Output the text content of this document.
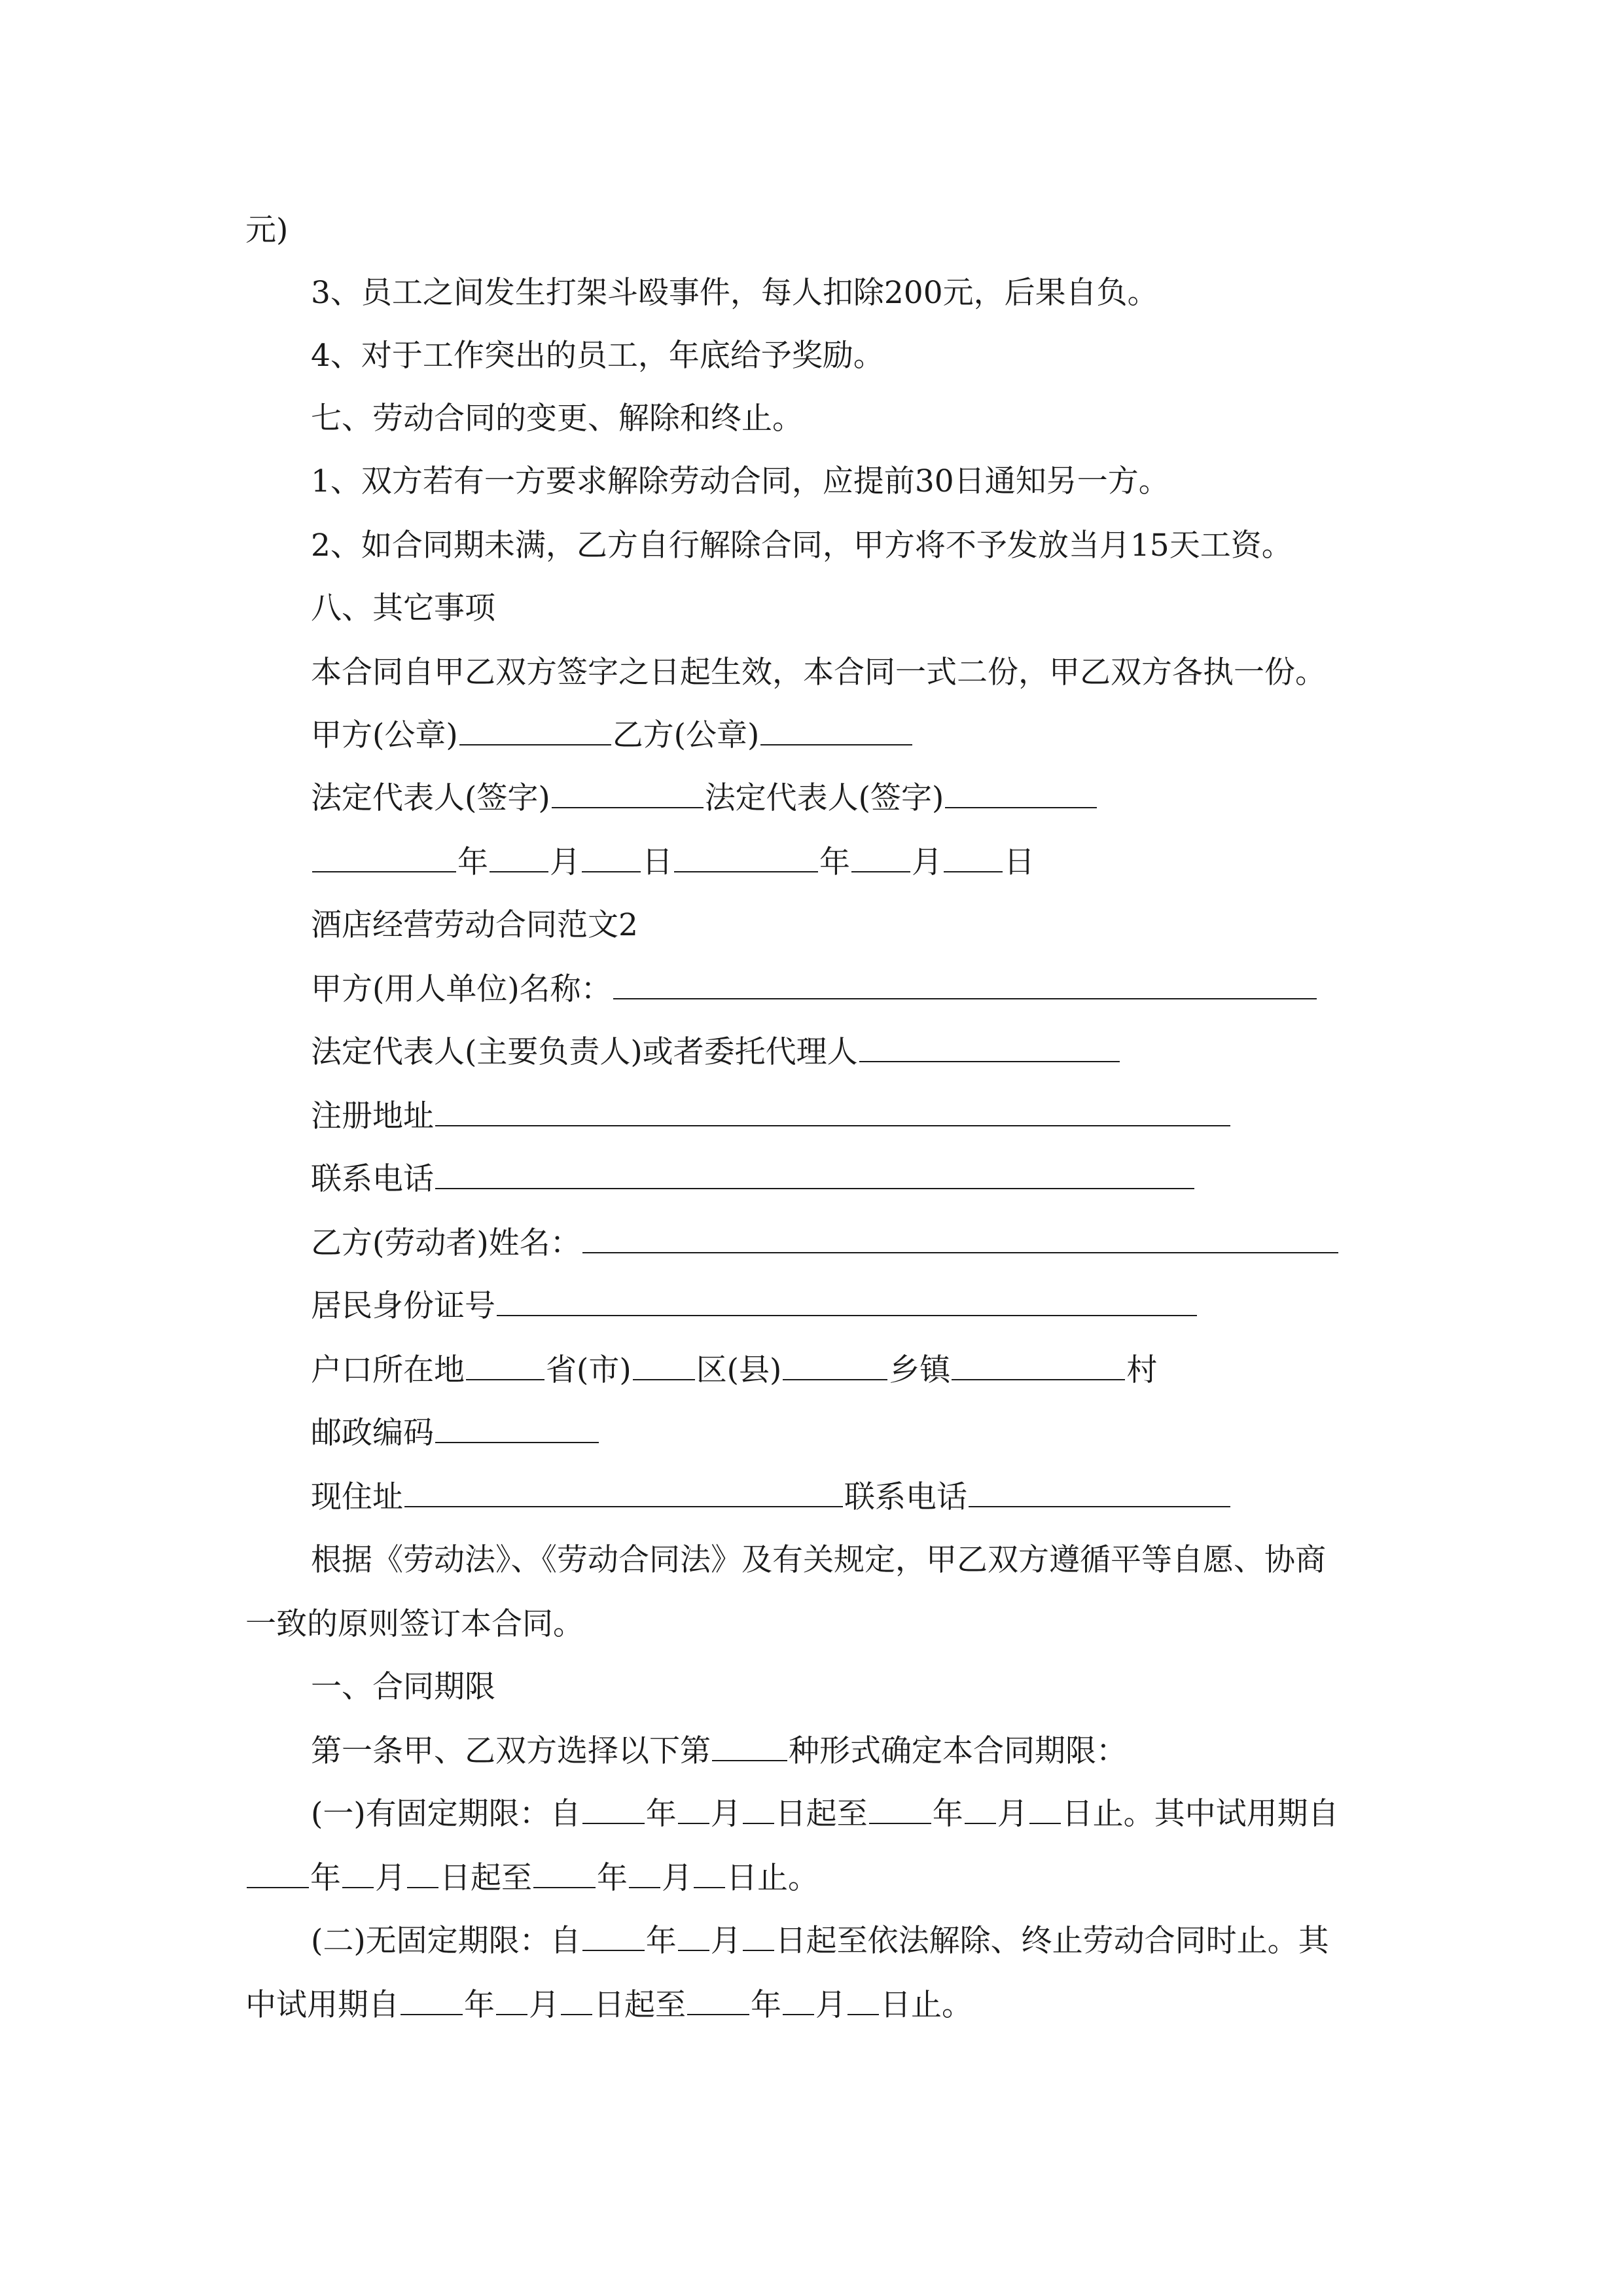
元)
3、员工之间发生打架斗殴事件，每人扣除200元，后果自负。
4、对于工作突出的员工，年底给予奖励。
七、劳动合同的变更、解除和终止。
1、双方若有一方要求解除劳动合同，应提前30日通知另一方。
2、如合同期未满，乙方自行解除合同，甲方将不予发放当月15天工资。
八、其它事项
本合同自甲乙双方签字之日起生效，本合同一式二份，甲乙双方各执一份。
甲方(公章)	乙方(公章)
法定代表人(签字)	法定代表人(签字)
年 月 日	年 月 日
酒店经营劳动合同范文2
甲方(用人单位)名称：
法定代表人(主要负责人)或者委托代理人
注册地址
联系电话
乙方(劳动者)姓名：
居民身份证号
户口所在地	省(市) 区(县)	乡镇	村
邮政编码
现住址	联系电话
根据《劳动法》、《劳动合同法》及有关规定，甲乙双方遵循平等自愿、协商
一致的原则签订本合同。
一、合同期限
第一条甲、乙双方选择以下第	种形式确定本合同期限：
(一)有固定期限：自 年 月 日起至 年 月 日止。其中试用期自
年 月 日起至 年 月 日止。
(二)无固定期限：自 年 月 日起至依法解除、终止劳动合同时止。其
中试用期自 年 月 日起至 年 月 日止。
